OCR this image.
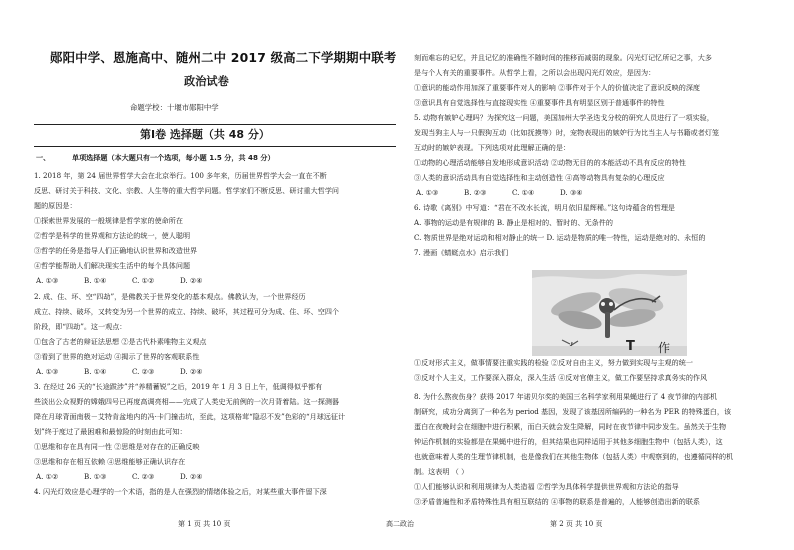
郧阳中学、恩施高中、随州二中 2017 级高二下学期期中联考
政治试卷
命题学校：十堰市郧阳中学
第Ⅰ卷 选择题（共 48 分）
一、	单项选择题（本大题只有一个选项，每小题 1.5 分，共 48 分）
1. 2018 年，第 24 届世界哲学大会在北京举行。100 多年来，历届世界哲学大会一直在不断
反思、研讨关于科技、文化、宗教、人生等的重大哲学问题。哲学家们不断反思、研讨重大哲学问
题的原因是：
①探索世界发展的一般规律是哲学家的使命所在
②哲学是科学的世界观和方法论的统一，使人聪明
③哲学的任务是指导人们正确地认识世界和改造世界
④哲学能帮助人们解决现实生活中的每个具体问题
A. ①③	B. ①④	C. ①②	D. ②④
2. 成、住、坏、空“四劫”，是佛教关于世界变化的基本观点。佛教认为，一个世界经历
成立、持续、破坏，又转变为另一个世界的成立、持续、破坏，其过程可分为成、住、坏、空四个
阶段，即“四劫”。这一观点：
①包含了古老的辩证法思想 ②是古代朴素唯物主义观点
③看到了世界的绝对运动 ④揭示了世界的客观联系性
A. ①③	B. ①④	C. ②③	D. ②④
3. 在经过 26 天的“长途跋涉”并“养精蓄锐”之后，2019 年 1 月 3 日上午，低调得似乎都有
些淡出公众视野的嫦娥四号已再度高调亮相——完成了人类史无前例的一次月背着陆。这一探测器
降在月球背面南极－艾特肯盆地内的冯·卡门撞击坑，至此，这项格茸“隐忍不发”色彩的“月球远征计
划”终于度过了最困难和最惊险的时刻由此可知：
①思维和存在具有同一性 ②思维是对存在的正确反映
③思维和存在相互依赖 ④思维能够正确认识存在
A. ①②	B. ①③	C. ②③	D. ②④
4. 闪光灯效应是心理学的一个术语，指的是人在强烈的情绪体验之后，对某些重大事件留下深
刻而难忘的记忆，并且记忆的准确性不随时间的推移而减弱的现象。闪光灯记忆所记之事，大多
是与个人有关的重要事件。从哲学上看，之所以会出现闪光灯效应，是因为：
①意识的能动作用加深了重要事件对人的影响 ②事件对于个人的价值决定了意识反映的深度
③意识具有自觉选择性与直接现实性 ④重要事件具有明显区别于普通事件的特性
5. 动物有嫉妒心理吗？为探究这一问题，美国加州大学圣迭戈分校的研究人员进行了一项实验，
发现当狗主人与一只假狗互动（比如抚摸等）时，宠物表现出的嫉妒行为比当主人与书籍或者灯笼
互动时的嫉妒表现。下列选项对此理解正确的是：
①动物的心理活动能够自发地形成意识活动 ②动物无目的的本能活动不具有反应的特性
③人类的意识活动具有自觉选择性和主动创造性 ④高等动物具有复杂的心理反应
A. ①③	B. ②③	C. ①④	D. ③④
6. 诗歌《离别》中写道：“君在不改水长流，明月依旧星辉稀。”这句诗蕴含的哲理是
A. 事物的运动是有规律的 B. 静止是相对的、暂时的、无条件的
C. 物质世界是绝对运动和相对静止的统一 D. 运动是物质的唯一特性，运动是绝对的、永恒的
7. 漫画《蜻蜓点水》启示我们
T 作
①反对形式主义，做事情要注重实践的检验 ②反对自由主义，努力做到实现与主观的统一
③反对个人主义，工作要深入群众，深入生活 ④反对官僚主义，做工作要坚持求真务实的作风
8. 为什么熬夜伤身？获得 2017 年诺贝尔奖的美国三名科学家利用果蝇进行了 4 夜节律的内部机
制研究，成功分离到了一种名为 period 基因，发现了该基因所编码的一种名为 PER 的特殊蛋白，该
蛋白在夜晚时会在细胞中进行积累，而白天就会发生降解，同时在夜节律中同步发生。虽然关于生物
钟运作机制的实验都是在果蝇中进行的，但其结果也同样适用于其他多细胞生物中（包括人类），这
也就意味着人类的生理节律机制，也是像我们在其他生物体（包括人类）中观察到的，也遵循同样的机
制。这表明 （ ）
①人们能够认识和利用规律为人类造福 ②哲学为具体科学提供世界观和方法论的指导
③矛盾普遍性和矛盾特殊性具有相互联结的 ④事物的联系是普遍的，人能够创造出新的联系
第 1 页 共 10 页	高二政治	第 2 页 共 10 页
